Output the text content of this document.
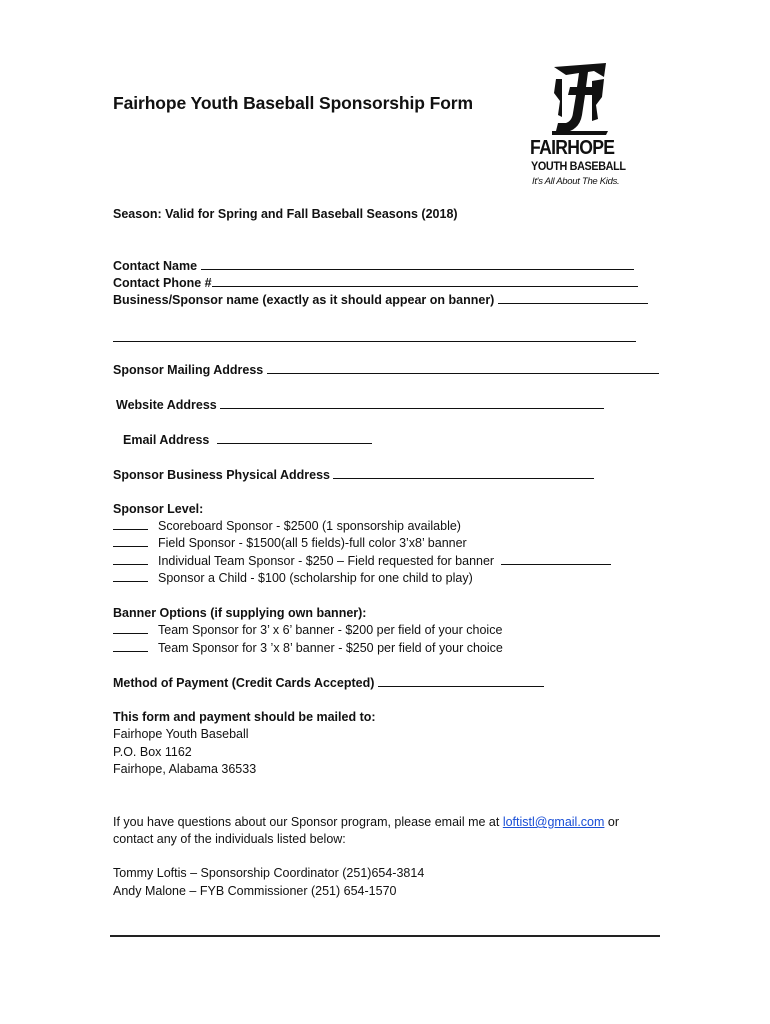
Fairhope Youth Baseball Sponsorship Form
FAIRHOPE
YOUTH BASEBALL
It's All About The Kids.
Season: Valid for Spring and Fall Baseball Seasons (2018)
Contact Name
Contact Phone #
Business/Sponsor name (exactly as it should appear on banner)
Sponsor Mailing Address
Website Address
Email Address
Sponsor Business Physical Address
Sponsor Level:
Scoreboard Sponsor - $2500 (1 sponsorship available)
Field Sponsor - $1500(all 5 fields)-full color 3’x8’ banner
Individual Team Sponsor - $250 – Field requested for banner
Sponsor a Child - $100 (scholarship for one child to play)
Banner Options (if supplying own banner):
Team Sponsor for 3’ x 6’ banner - $200 per field of your choice
Team Sponsor for 3 ’x 8’ banner - $250 per field of your choice
Method of Payment (Credit Cards Accepted)
This form and payment should be mailed to:
Fairhope Youth Baseball
P.O. Box 1162
Fairhope, Alabama 36533
If you have questions about our Sponsor program, please email me at loftistl@gmail.com or
contact any of the individuals listed below:
Tommy Loftis – Sponsorship Coordinator (251)654-3814
Andy Malone – FYB Commissioner (251) 654-1570
